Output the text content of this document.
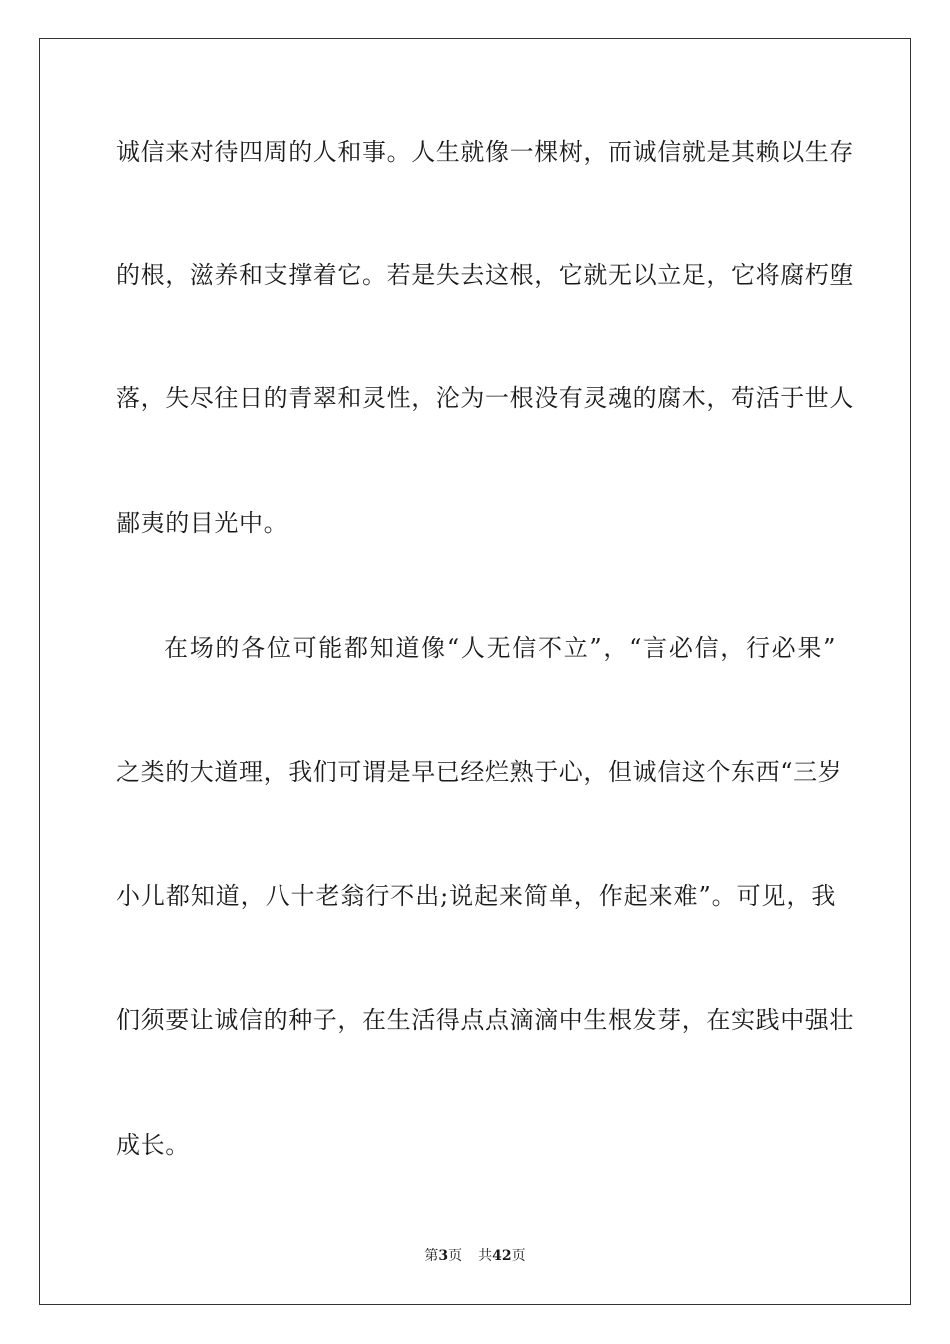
诚信来对待四周的人和事。人生就像一棵树，而诚信就是其赖以生存
的根，滋养和支撑着它。若是失去这根，它就无以立足，它将腐朽堕
落，失尽往日的青翠和灵性，沦为一根没有灵魂的腐木，苟活于世人
鄙夷的目光中。
在场的各位可能都知道像“人无信不立”，“言必信，行必果”
之类的大道理，我们可谓是早已经烂熟于心，但诚信这个东西“三岁
小儿都知道，八十老翁行不出;说起来简单，作起来难”。可见，我
们须要让诚信的种子，在生活得点点滴滴中生根发芽，在实践中强壮
成长。
第3页 共42页
